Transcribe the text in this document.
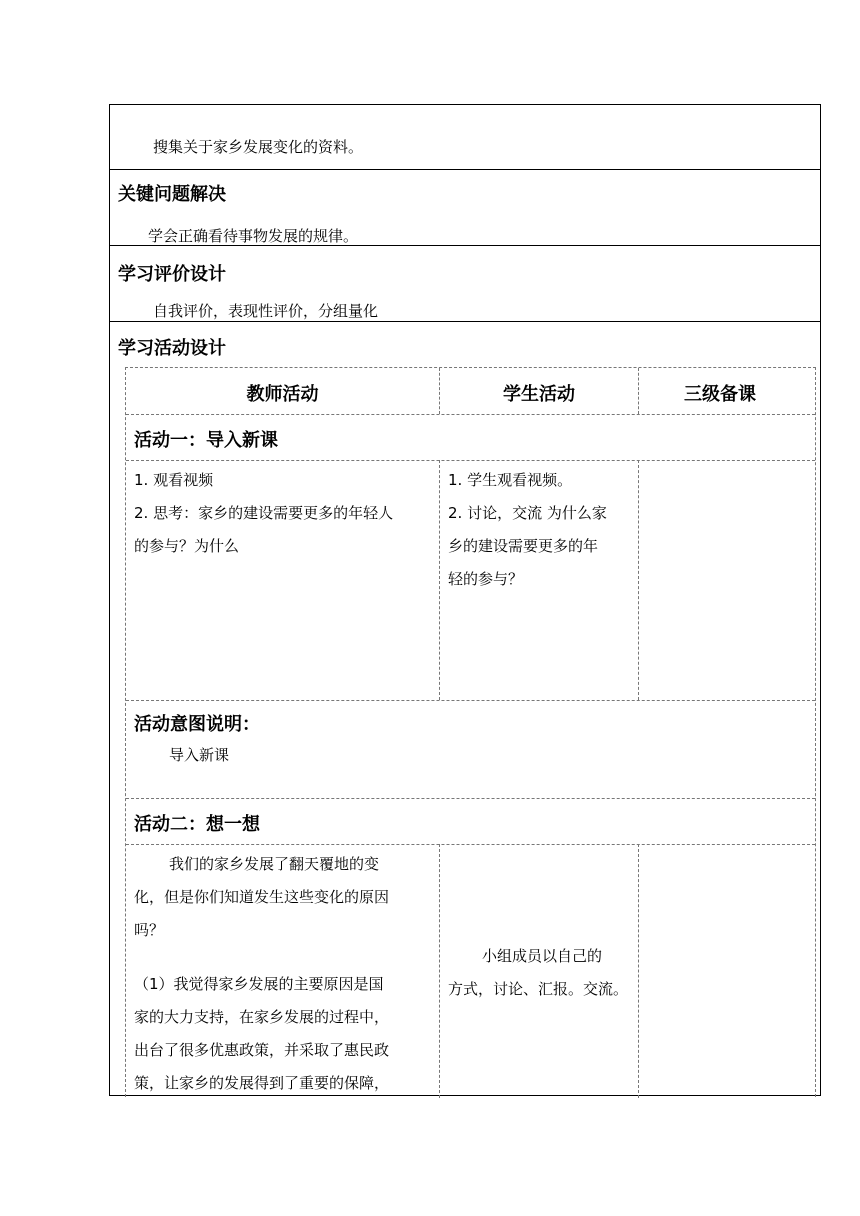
搜集关于家乡发展变化的资料。
关键问题解决
学会正确看待事物发展的规律。
学习评价设计
自我评价，表现性评价，分组量化
学习活动设计
教师活动	学生活动	三级备课
活动一：导入新课
1. 观看视频
2. 思考：家乡的建设需要更多的年轻人
的参与？为什么
1. 学生观看视频。
2. 讨论，交流 为什么家
乡的建设需要更多的年
轻的参与？
活动意图说明：
导入新课
活动二：想一想
我们的家乡发展了翻天覆地的变
化，但是你们知道发生这些变化的原因
吗？
（1）我觉得家乡发展的主要原因是国
家的大力支持，在家乡发展的过程中，
出台了很多优惠政策，并采取了惠民政
策，让家乡的发展得到了重要的保障，
小组成员以自己的
方式，讨论、汇报。交流。
